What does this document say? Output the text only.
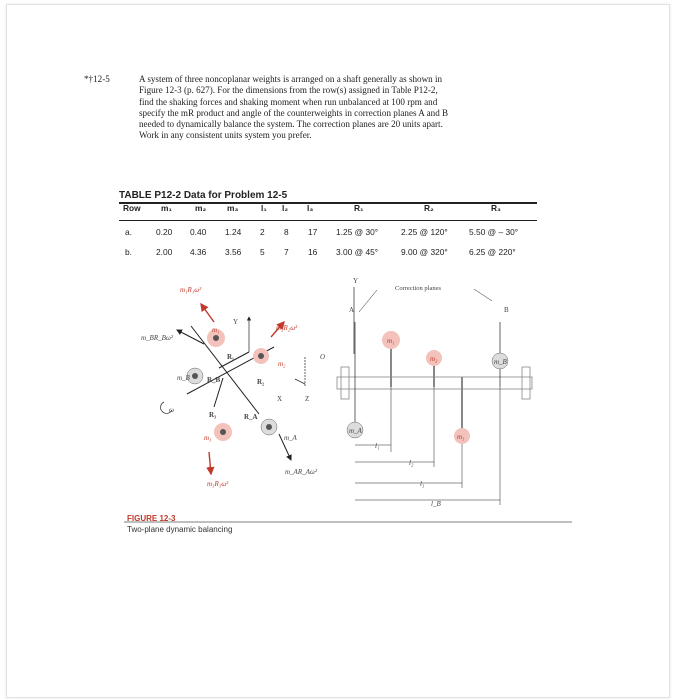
*†12-5	A system of three noncoplanar weights is arranged on a shaft generally as shown in
Figure 12-3 (p. 627). For the dimensions from the row(s) assigned in Table P12-2,
find the shaking forces and shaking moment when run unbalanced at 100 rpm and
specify the mR product and angle of the counterweights in correction planes A and B
needed to dynamically balance the system. The correction planes are 20 units apart.
Work in any consistent units system you prefer.
TABLE P12-2 Data for Problem 12-5
Row m₁	m₂ m₃	l₁ l₂ l₃	R₁	R₂	R₃
a.	0.20 0.40 1.24 2 8 17 1.25 @ 30°	2.25 @ 120°	5.50 @ – 30°
b.	2.00 4.36 3.56 5 7 16 3.00 @ 45°	9.00 @ 320°	6.25 @ 220°
Y
X	Z
O
m₁R₁ω²
m_BR_Bω²
m₂R₂ω²
m₃R₃ω²
m_AR_Aω²
m₁
m₂
m₃	m_A
m_B
R₁
R₂
R₃	R_A
R_B
ω
Correction planes
Y
A	B
m₁
m₂	m_B
m_A
m₃
l₁
l₂
l₃
l_B
FIGURE 12-3
Two-plane dynamic balancing
